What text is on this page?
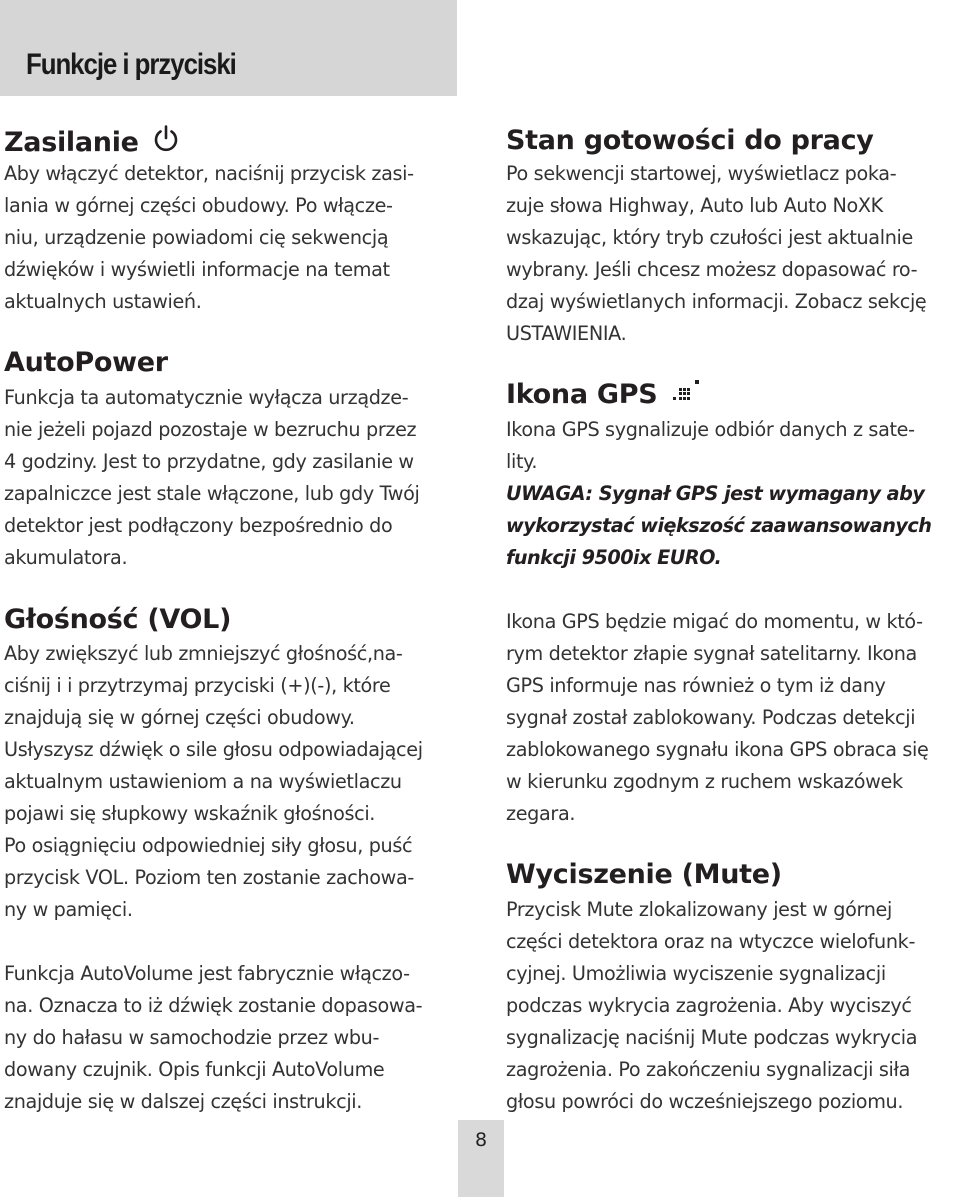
Funkcje i przyciski
Zasilanie
Aby włączyć detektor, naciśnij przycisk zasi-
lania w górnej części obudowy. Po włącze-
niu, urządzenie powiadomi cię sekwencją
dźwięków i wyświetli informacje na temat
aktualnych ustawień.
AutoPower
Funkcja ta automatycznie wyłącza urządze-
nie jeżeli pojazd pozostaje w bezruchu przez
4 godziny. Jest to przydatne, gdy zasilanie w
zapalniczce jest stale włączone, lub gdy Twój
detektor jest podłączony bezpośrednio do
akumulatora.
Głośność (VOL)
Aby zwiększyć lub zmniejszyć głośność,na-
ciśnij i i przytrzymaj przyciski (+)(-), które
znajdują się w górnej części obudowy.
Usłyszysz dźwięk o sile głosu odpowiadającej
aktualnym ustawieniom a na wyświetlaczu
pojawi się słupkowy wskaźnik głośności.
Po osiągnięciu odpowiedniej siły głosu, puść
przycisk VOL. Poziom ten zostanie zachowa-
ny w pamięci.
Funkcja AutoVolume jest fabrycznie włączo-
na. Oznacza to iż dźwięk zostanie dopasowa-
ny do hałasu w samochodzie przez wbu-
dowany czujnik. Opis funkcji AutoVolume
znajduje się w dalszej części instrukcji.
Stan gotowości do pracy
Po sekwencji startowej, wyświetlacz poka-
zuje słowa Highway, Auto lub Auto NoXK
wskazując, który tryb czułości jest aktualnie
wybrany. Jeśli chcesz możesz dopasować ro-
dzaj wyświetlanych informacji. Zobacz sekcję
USTAWIENIA.
Ikona GPS
Ikona GPS sygnalizuje odbiór danych z sate-
lity.
UWAGA: Sygnał GPS jest wymagany aby
wykorzystać większość zaawansowanych
funkcji 9500ix EURO.
Ikona GPS będzie migać do momentu, w któ-
rym detektor złapie sygnał satelitarny. Ikona
GPS informuje nas również o tym iż dany
sygnał został zablokowany. Podczas detekcji
zablokowanego sygnału ikona GPS obraca się
w kierunku zgodnym z ruchem wskazówek
zegara.
Wyciszenie (Mute)
Przycisk Mute zlokalizowany jest w górnej
części detektora oraz na wtyczce wielofunk-
cyjnej. Umożliwia wyciszenie sygnalizacji
podczas wykrycia zagrożenia. Aby wyciszyć
sygnalizację naciśnij Mute podczas wykrycia
zagrożenia. Po zakończeniu sygnalizacji siła
głosu powróci do wcześniejszego poziomu.
8
